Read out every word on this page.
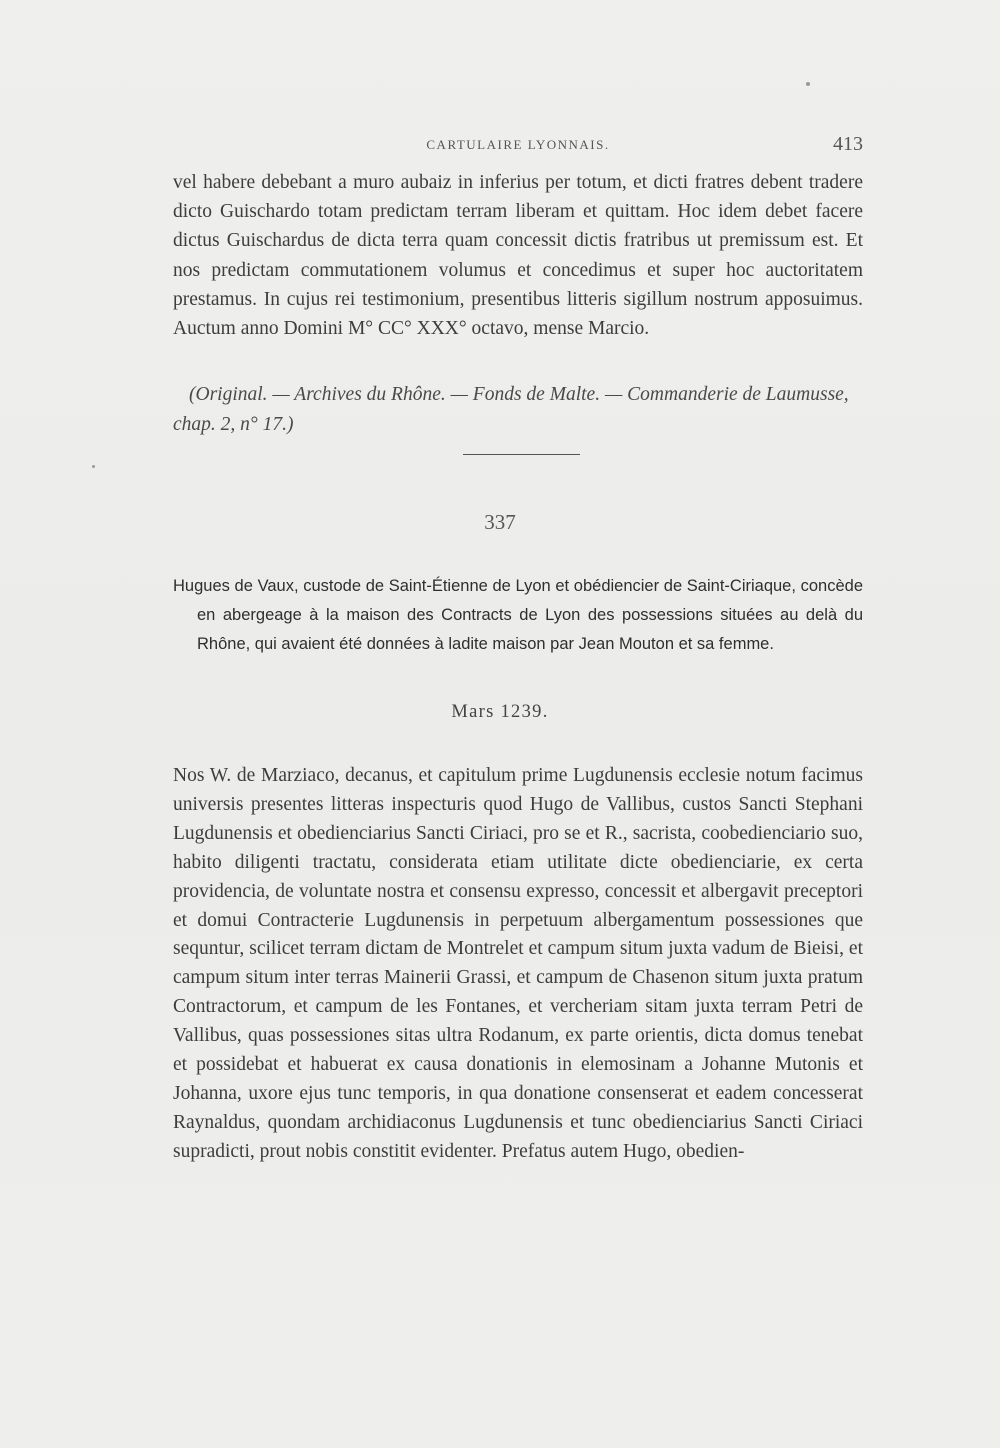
CARTULAIRE LYONNAIS.	413

vel habere debebant a muro aubaiz in inferius per totum, et dicti fratres debent tradere dicto Guischardo totam predictam terram liberam et quittam. Hoc idem debet facere dictus Guischardus de dicta terra quam concessit dictis fratribus ut premissum est. Et nos predictam commutationem volumus et concedimus et super hoc auctoritatem prestamus. In cujus rei testimonium, presentibus litteris sigillum nostrum apposuimus. Auctum anno Domini M° CC° XXX° octavo, mense Marcio.

(Original. — Archives du Rhône. — Fonds de Malte. — Commanderie de Laumusse, chap. 2, n° 17.)

337

Hugues de Vaux, custode de Saint-Étienne de Lyon et obédiencier de Saint-Ciriaque, concède en abergeage à la maison des Contracts de Lyon des possessions situées au delà du Rhône, qui avaient été données à ladite maison par Jean Mouton et sa femme.

Mars 1239.

Nos W. de Marziaco, decanus, et capitulum prime Lugdunensis ecclesie notum facimus universis presentes litteras inspecturis quod Hugo de Vallibus, custos Sancti Stephani Lugdunensis et obedienciarius Sancti Ciriaci, pro se et R., sacrista, coobedienciario suo, habito diligenti tractatu, considerata etiam utilitate dicte obedienciarie, ex certa providencia, de voluntate nostra et consensu expresso, concessit et albergavit preceptori et domui Contracterie Lugdunensis in perpetuum albergamentum possessiones que sequntur, scilicet terram dictam de Montrelet et campum situm juxta vadum de Bieisi, et campum situm inter terras Mainerii Grassi, et campum de Chasenon situm juxta pratum Contractorum, et campum de les Fontanes, et vercheriam sitam juxta terram Petri de Vallibus, quas possessiones sitas ultra Rodanum, ex parte orientis, dicta domus tenebat et possidebat et habuerat ex causa donationis in elemosinam a Johanne Mutonis et Johanna, uxore ejus tunc temporis, in qua donatione consenserat et eadem concesserat Raynaldus, quondam archidiaconus Lugdunensis et tunc obedienciarius Sancti Ciriaci supradicti, prout nobis constitit evidenter. Prefatus autem Hugo, obedien-
